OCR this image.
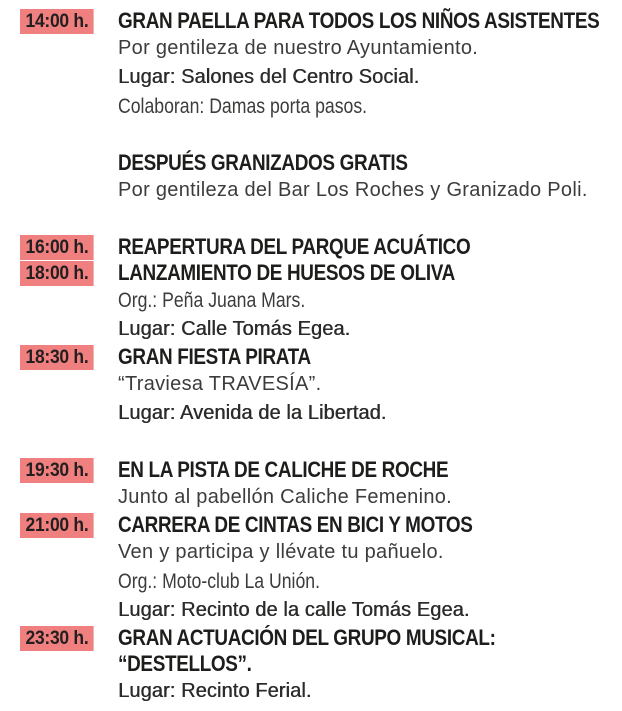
14:00 h.	GRAN PAELLA PARA TODOS LOS NIÑOS ASISTENTES
Por gentileza de nuestro Ayuntamiento.
Lugar: Salones del Centro Social.
Colaboran: Damas porta pasos.
DESPUÉS GRANIZADOS GRATIS
Por gentileza del Bar Los Roches y Granizado Poli.
16:00 h.	REAPERTURA DEL PARQUE ACUÁTICO
18:00 h.	LANZAMIENTO DE HUESOS DE OLIVA
Org.: Peña Juana Mars.
Lugar: Calle Tomás Egea.
18:30 h.	GRAN FIESTA PIRATA
“Traviesa TRAVESÍA”.
Lugar: Avenida de la Libertad.
19:30 h.	EN LA PISTA DE CALICHE DE ROCHE
Junto al pabellón Caliche Femenino.
21:00 h.	CARRERA DE CINTAS EN BICI Y MOTOS
Ven y participa y llévate tu pañuelo.
Org.: Moto-club La Unión.
Lugar: Recinto de la calle Tomás Egea.
23:30 h.	GRAN ACTUACIÓN DEL GRUPO MUSICAL:
“DESTELLOS”.
Lugar: Recinto Ferial.
